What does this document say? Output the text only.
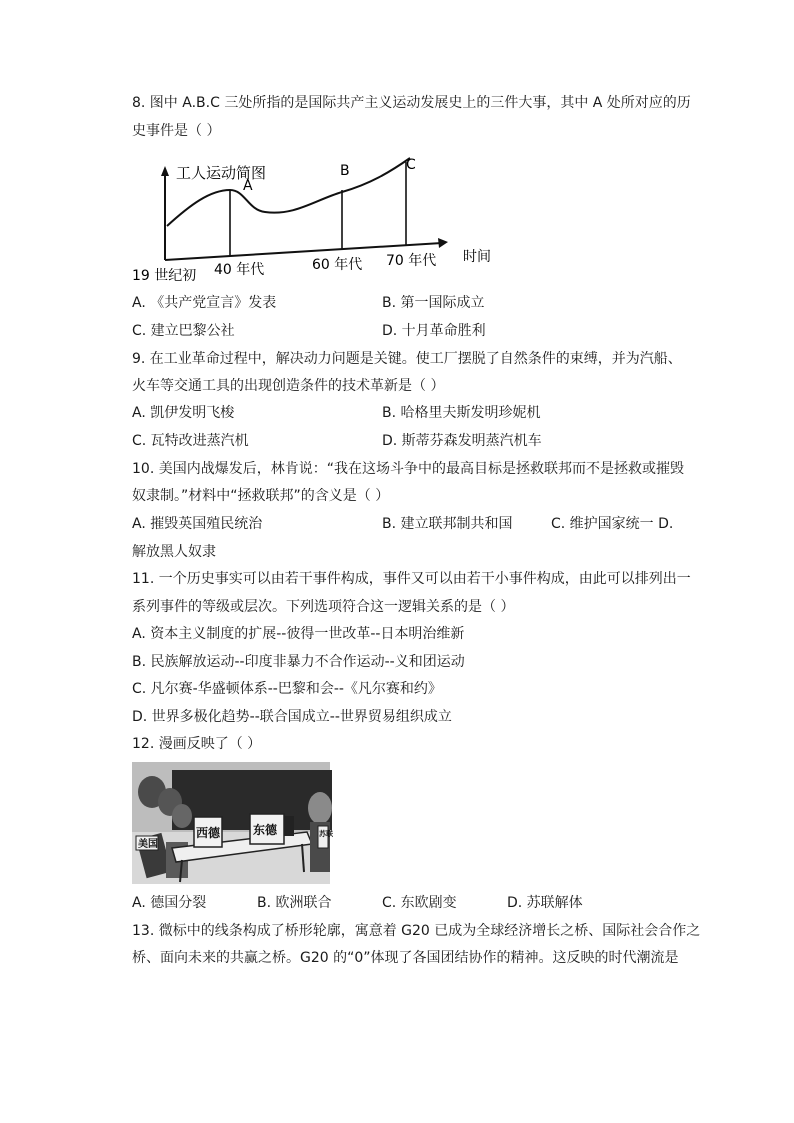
8. 图中 A.B.C 三处所指的是国际共产主义运动发展史上的三件大事，其中 A 处所对应的历
史事件是（ ）
工人运动简图
A
B	C
19 世纪初 40 年代	60 年代 70 年代 时间
A. 《共产党宣言》发表	B. 第一国际成立
C. 建立巴黎公社	D. 十月革命胜利
9. 在工业革命过程中，解决动力问题是关键。使工厂摆脱了自然条件的束缚，并为汽船、
火车等交通工具的出现创造条件的技术革新是（ ）
A. 凯伊发明飞梭	B. 哈格里夫斯发明珍妮机
C. 瓦特改进蒸汽机	D. 斯蒂芬森发明蒸汽机车
10. 美国内战爆发后，林肯说：“我在这场斗争中的最高目标是拯救联邦而不是拯救或摧毁
奴隶制。”材料中“拯救联邦”的含义是（ ）
A. 摧毁英国殖民统治	B. 建立联邦制共和国	C. 维护国家统一 D.
解放黑人奴隶
11. 一个历史事实可以由若干事件构成，事件又可以由若干小事件构成，由此可以排列出一
系列事件的等级或层次。下列选项符合这一逻辑关系的是（ ）
A. 资本主义制度的扩展--彼得一世改革--日本明治维新
B. 民族解放运动--印度非暴力不合作运动--义和团运动
C. 凡尔赛-华盛顿体系--巴黎和会--《凡尔赛和约》
D. 世界多极化趋势--联合国成立--世界贸易组织成立
12. 漫画反映了（ ）
美国
西德	东德	苏联
A. 德国分裂	B. 欧洲联合	C. 东欧剧变	D. 苏联解体
13. 微标中的线条构成了桥形轮廓，寓意着 G20 已成为全球经济增长之桥、国际社会合作之
桥、面向未来的共赢之桥。G20 的“0”体现了各国团结协作的精神。这反映的时代潮流是
